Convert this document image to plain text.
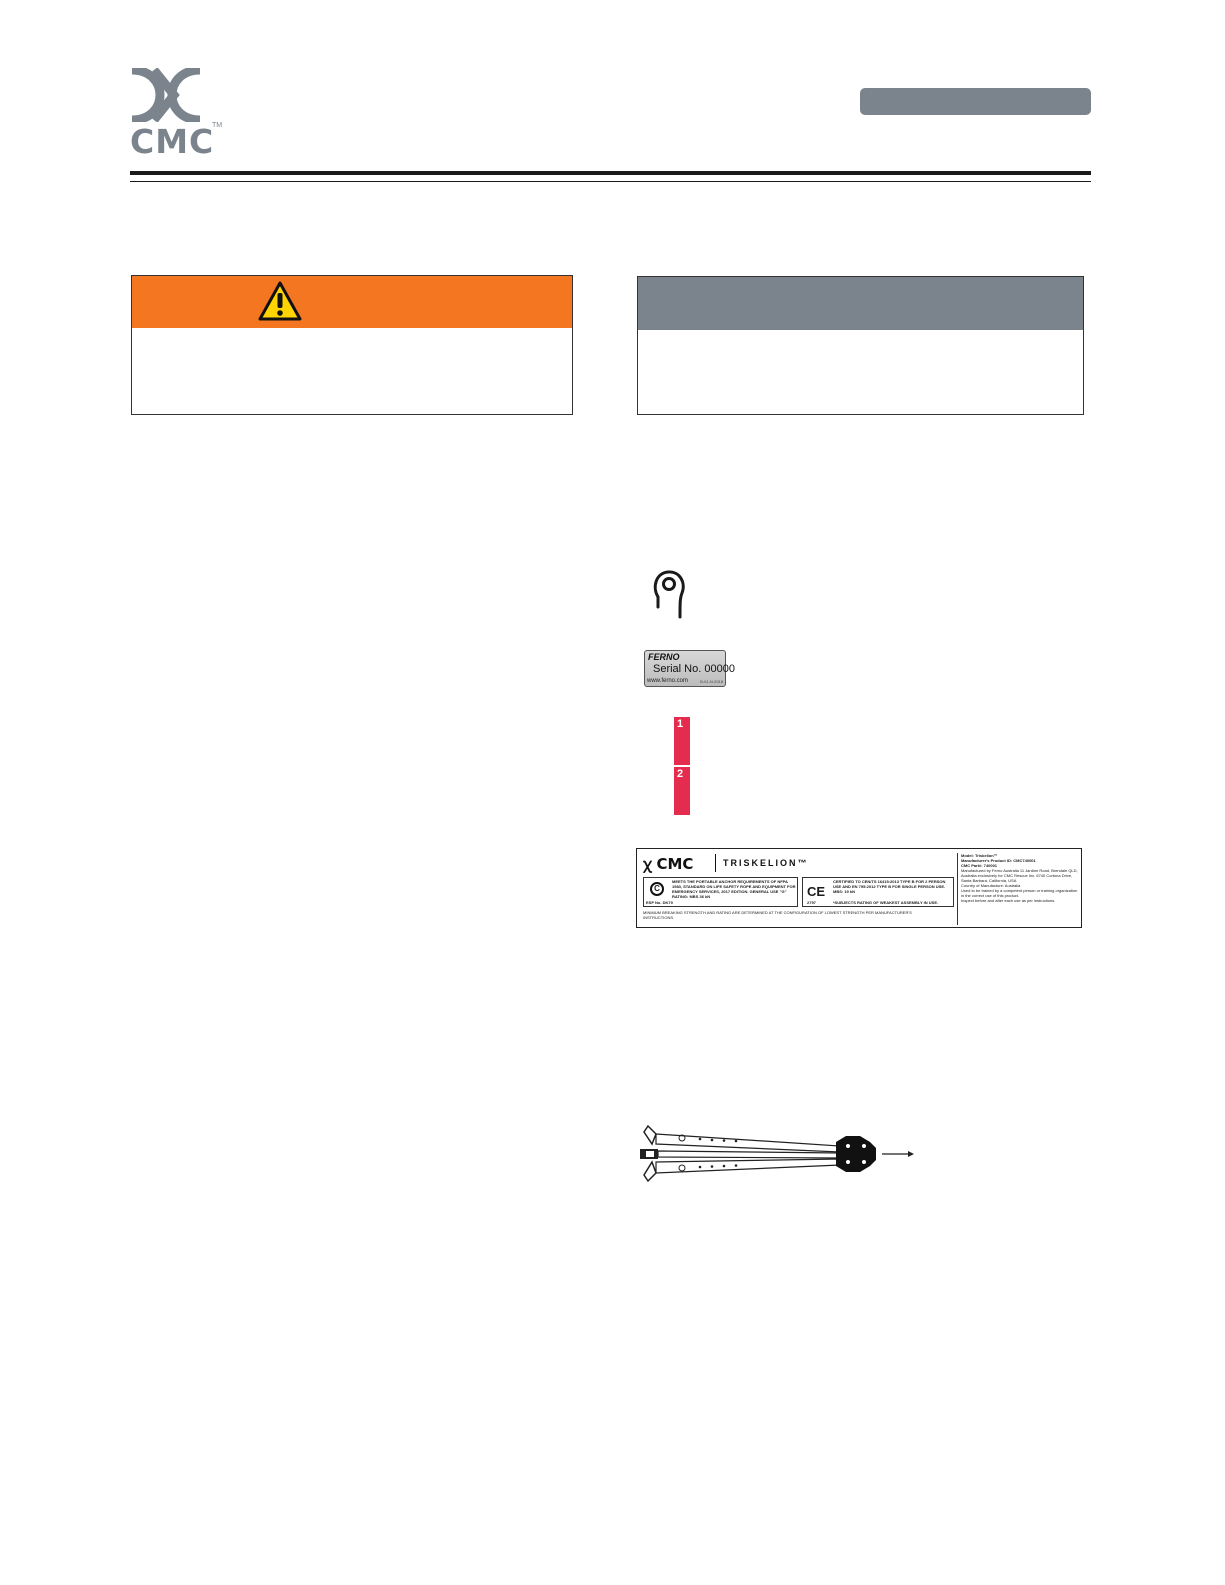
CMC
TM
FERNO
Serial No. 00000
www.ferno.com	B-01-N-2018
1
2
ꭓ CMC	TRISKELION™
C
ESP No. DK79
MEETS THE PORTABLE ANCHOR REQUIREMENTS OF NFPA 1983, STANDARD ON LIFE SAFETY ROPE AND EQUIPMENT FOR EMERGENCY SERVICES, 2017 EDITION. GENERAL USE "G" RATING: MBS 36 kN	CE
2797
CERTIFIED TO CEN/TS 16415:2013 TYPE B FOR 2 PERSON USE AND EN 795:2012 TYPE B FOR SINGLE PERSON USE. MBS: 19 kN
*SUBJECTS RATING OF WEAKEST ASSEMBLY IN USE.
MINIMUM BREAKING STRENGTH AND RATING ARE DETERMINED AT THE CONFIGURATION OF LOWEST STRENGTH PER MANUFACTURER'S INSTRUCTIONS.
Model: Triskelion™
Manufacturer's Product ID: CMC740001
CMC Part#: 740001
Manufactured by Ferno Australia 11 Jardine Road, Brendale QLD, Australia exclusively for CMC Rescue Inc. 6740 Cortona Drive, Santa Barbara, California, USA
Country of Manufacture: Australia
Used to be trained by a competent person or training organization in the correct use of this product.
Inspect before and after each use as per instructions.
